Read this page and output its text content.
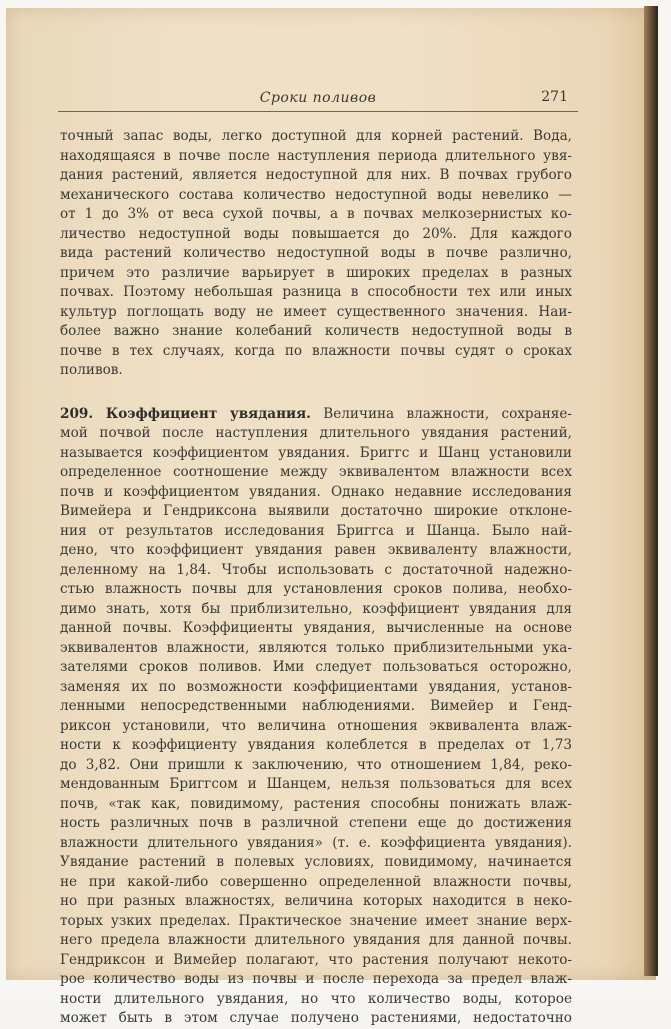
Сроки поливов	271
точный запас воды, легко доступной для корней растений. Вода,
находящаяся в почве после наступления периода длительного увя-
дания растений, является недоступной для них. В почвах грубого
механического состава количество недоступной воды невелико —
от 1 до 3% от веса сухой почвы, а в почвах мелкозернистых ко-
личество недоступной воды повышается до 20%. Для каждого
вида растений количество недоступной воды в почве различно,
причем это различие варьирует в широких пределах в разных
почвах. Поэтому небольшая разница в способности тех или иных
культур поглощать воду не имеет существенного значения. Наи-
более важно знание колебаний количеств недоступной воды в
почве в тех случаях, когда по влажности почвы судят о сроках
поливов.
209. Коэффициент увядания. Величина влажности, сохраняе-
мой почвой после наступления длительного увядания растений,
называется коэффициентом увядания. Бриггс и Шанц установили
определенное соотношение между эквивалентом влажности всех
почв и коэффициентом увядания. Однако недавние исследования
Вимейера и Гендриксона выявили достаточно широкие отклоне-
ния от результатов исследования Бриггса и Шанца. Было най-
дено, что коэффициент увядания равен эквиваленту влажности,
деленному на 1,84. Чтобы использовать с достаточной надежно-
стью влажность почвы для установления сроков полива, необхо-
димо знать, хотя бы приблизительно, коэффициент увядания для
данной почвы. Коэффициенты увядания, вычисленные на основе
эквивалентов влажности, являются только приблизительными ука-
зателями сроков поливов. Ими следует пользоваться осторожно,
заменяя их по возможности коэффициентами увядания, установ-
ленными непосредственными наблюдениями. Вимейер и Генд-
риксон установили, что величина отношения эквивалента влаж-
ности к коэффициенту увядания колеблется в пределах от 1,73
до 3,82. Они пришли к заключению, что отношением 1,84, реко-
мендованным Бриггсом и Шанцем, нельзя пользоваться для всех
почв, «так как, повидимому, растения способны понижать влаж-
ность различных почв в различной степени еще до достижения
влажности длительного увядания» (т. е. коэффициента увядания).
Увядание растений в полевых условиях, повидимому, начинается
не при какой-либо совершенно определенной влажности почвы,
но при разных влажностях, величина которых находится в неко-
торых узких пределах. Практическое значение имеет знание верх-
него предела влажности длительного увядания для данной почвы.
Гендриксон и Вимейер полагают, что растения получают некото-
рое количество воды из почвы и после перехода за предел влаж-
ности длительного увядания, но что количество воды, которое
может быть в этом случае получено растениями, недостаточно
